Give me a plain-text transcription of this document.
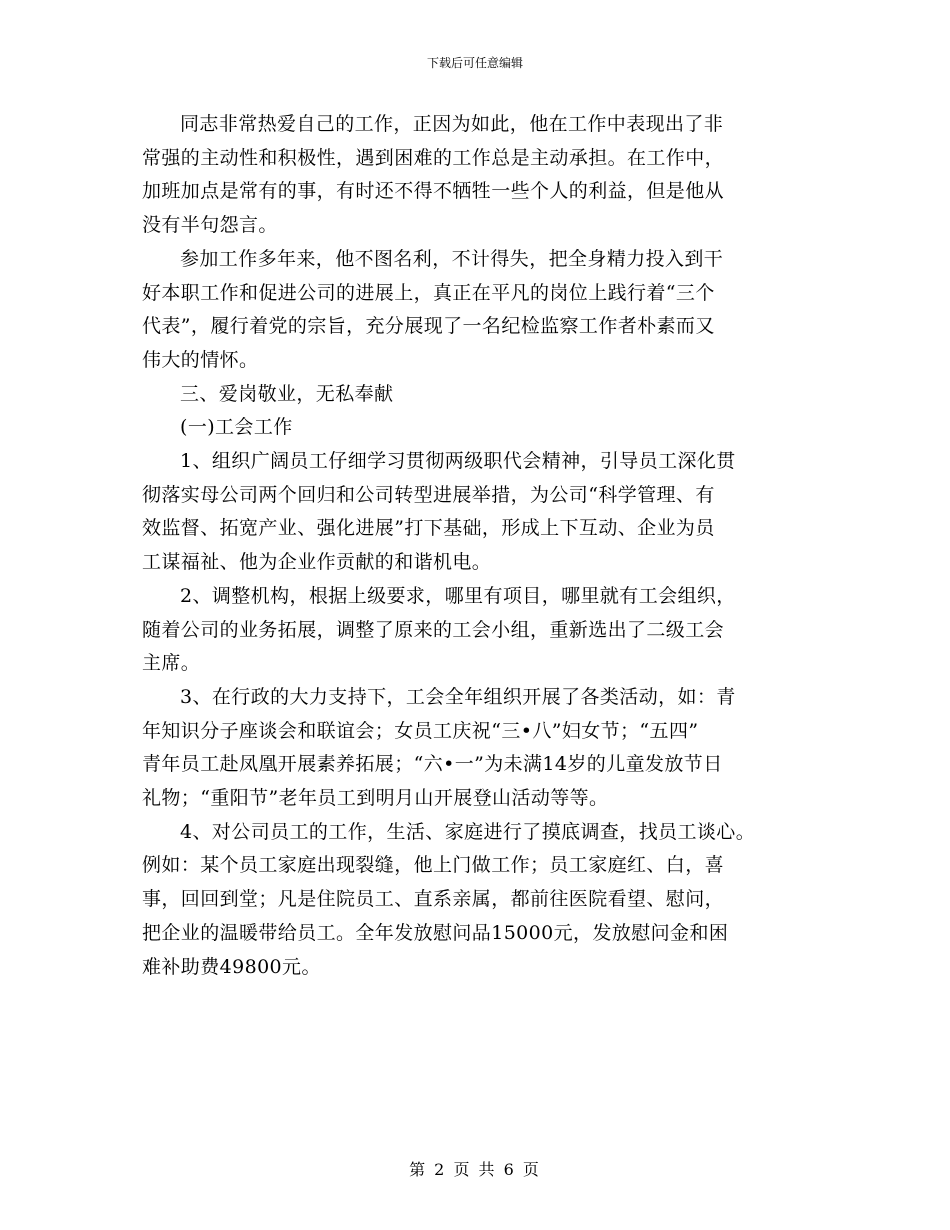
下载后可任意编辑

同志非常热爱自己的工作，正因为如此，他在工作中表现出了非
常强的主动性和积极性，遇到困难的工作总是主动承担。在工作中，
加班加点是常有的事，有时还不得不牺牲一些个人的利益，但是他从
没有半句怨言。

参加工作多年来，他不图名利，不计得失，把全身精力投入到干
好本职工作和促进公司的进展上，真正在平凡的岗位上践行着“三个
代表”，履行着党的宗旨，充分展现了一名纪检监察工作者朴素而又
伟大的情怀。

三、爱岗敬业，无私奉献

(一)工会工作

1、组织广阔员工仔细学习贯彻两级职代会精神，引导员工深化贯
彻落实母公司两个回归和公司转型进展举措，为公司“科学管理、有
效监督、拓宽产业、强化进展”打下基础，形成上下互动、企业为员
工谋福祉、他为企业作贡献的和谐机电。

2、调整机构，根据上级要求，哪里有项目，哪里就有工会组织，
随着公司的业务拓展，调整了原来的工会小组，重新选出了二级工会
主席。

3、在行政的大力支持下，工会全年组织开展了各类活动，如：青
年知识分子座谈会和联谊会；女员工庆祝“三•八”妇女节；“五四”
青年员工赴凤凰开展素养拓展；“六•一”为未满14岁的儿童发放节日
礼物；“重阳节”老年员工到明月山开展登山活动等等。

4、对公司员工的工作，生活、家庭进行了摸底调查，找员工谈心。
例如：某个员工家庭出现裂缝，他上门做工作；员工家庭红、白，喜
事，回回到堂；凡是住院员工、直系亲属，都前往医院看望、慰问，
把企业的温暖带给员工。全年发放慰问品15000元，发放慰问金和困
难补助费49800元。

第 2 页 共 6 页
